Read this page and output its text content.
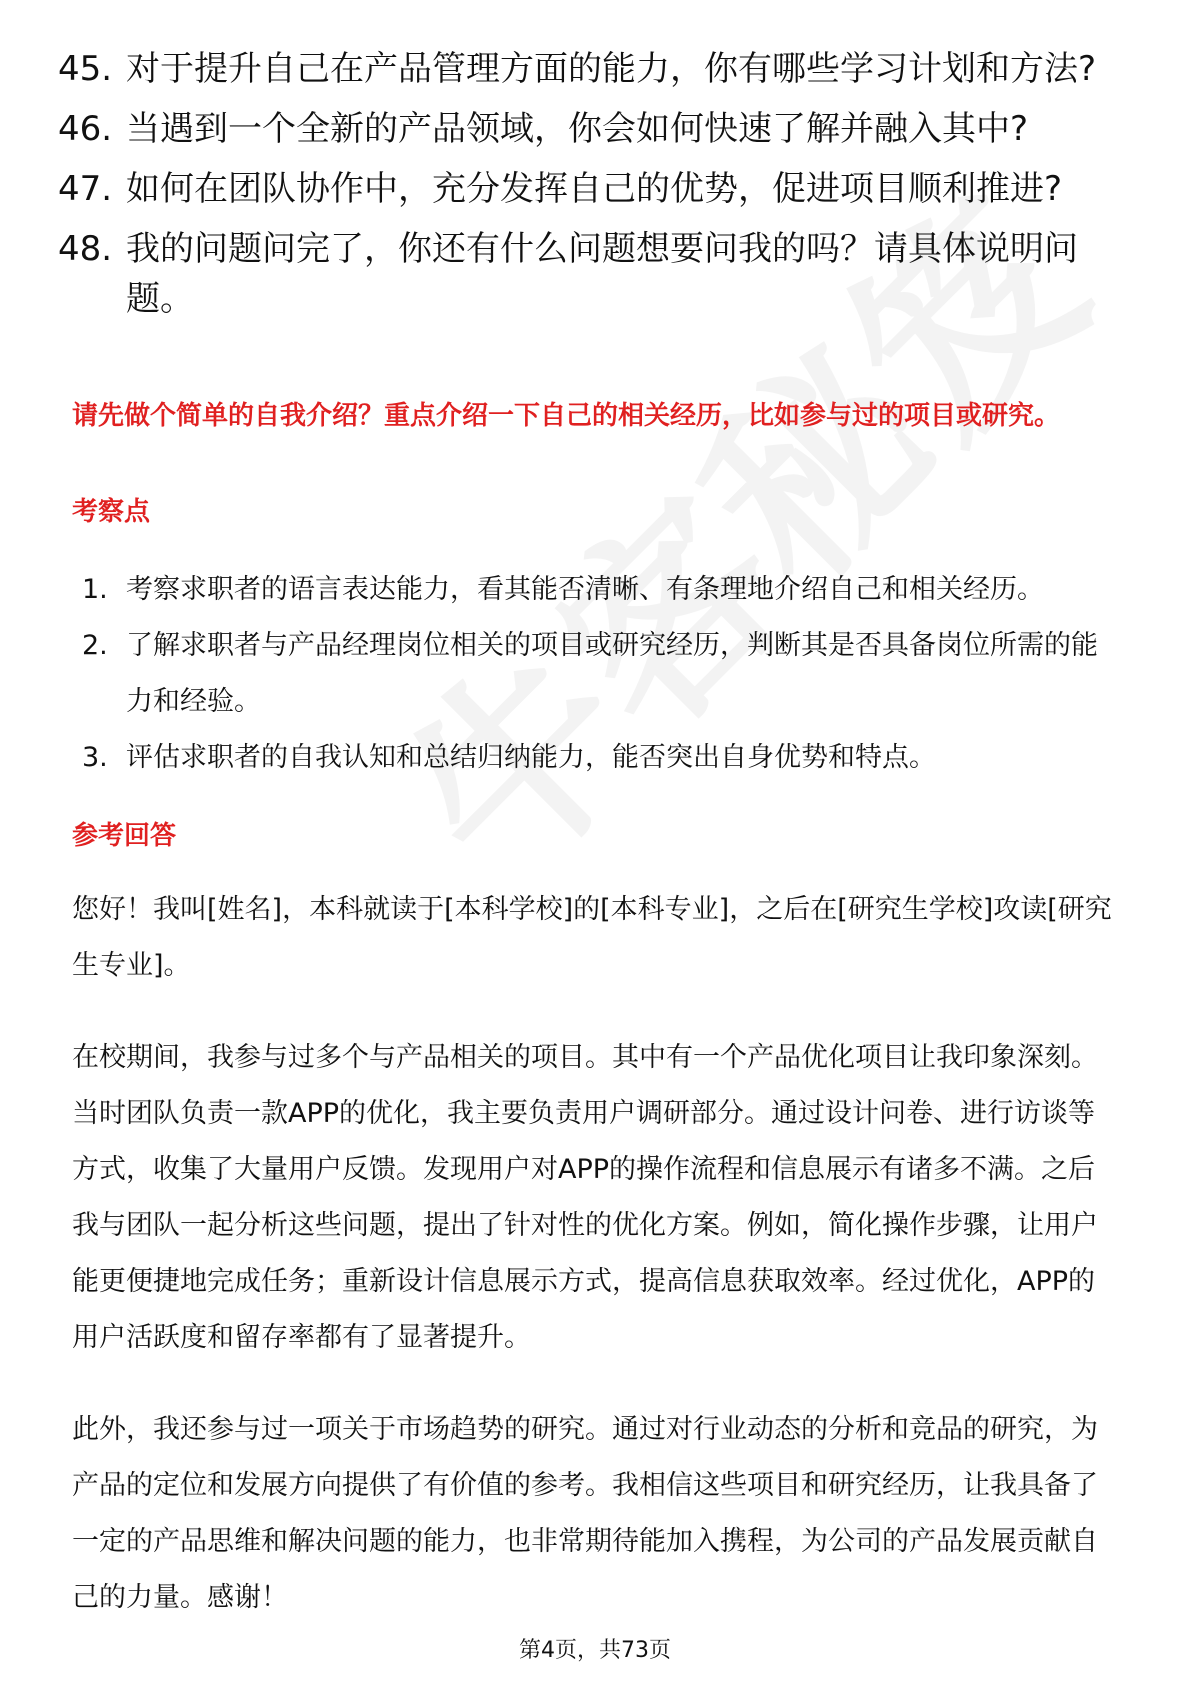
45. 对于提升自己在产品管理方面的能力，你有哪些学习计划和方法?
46. 当遇到一个全新的产品领域，你会如何快速了解并融入其中?
47. 如何在团队协作中，充分发挥自己的优势，促进项目顺利推进?
48. 我的问题问完了，你还有什么问题想要问我的吗？请具体说明问题。

请先做个简单的自我介绍？重点介绍一下自己的相关经历，比如参与过的项目或研究。

考察点

1. 考察求职者的语言表达能力，看其能否清晰、有条理地介绍自己和相关经历。
2. 了解求职者与产品经理岗位相关的项目或研究经历，判断其是否具备岗位所需的能力和经验。
3. 评估求职者的自我认知和总结归纳能力，能否突出自身优势和特点。

参考回答

您好！我叫[姓名]，本科就读于[本科学校]的[本科专业]，之后在[研究生学校]攻读[研究生专业]。

在校期间，我参与过多个与产品相关的项目。其中有一个产品优化项目让我印象深刻。当时团队负责一款APP的优化，我主要负责用户调研部分。通过设计问卷、进行访谈等方式，收集了大量用户反馈。发现用户对APP的操作流程和信息展示有诸多不满。之后我与团队一起分析这些问题，提出了针对性的优化方案。例如，简化操作步骤，让用户能更便捷地完成任务；重新设计信息展示方式，提高信息获取效率。经过优化，APP的用户活跃度和留存率都有了显著提升。

此外，我还参与过一项关于市场趋势的研究。通过对行业动态的分析和竞品的研究，为产品的定位和发展方向提供了有价值的参考。我相信这些项目和研究经历，让我具备了一定的产品思维和解决问题的能力，也非常期待能加入携程，为公司的产品发展贡献自己的力量。感谢！

第4页，共73页
